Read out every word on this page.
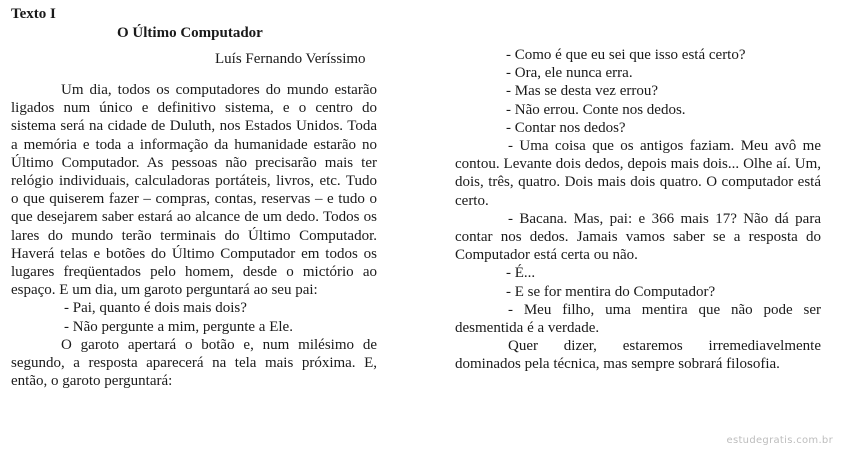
Texto I
O Último Computador
Luís Fernando Veríssimo

Um dia, todos os computadores do mundo estarão ligados num único e definitivo sistema, e o centro do sistema será na cidade de Duluth, nos Estados Unidos. Toda a memória e toda a informação da humanidade estarão no Último Computador. As pessoas não precisarão mais ter relógio individuais, calculadoras portáteis, livros, etc. Tudo o que quiserem fazer – compras, contas, reservas – e tudo o que desejarem saber estará ao alcance de um dedo. Todos os lares do mundo terão terminais do Último Computador. Haverá telas e botões do Último Computador em todos os lugares freqüentados pelo homem, desde o mictório ao espaço. E um dia, um garoto perguntará ao seu pai:

- Pai, quanto é dois mais dois?

- Não pergunte a mim, pergunte a Ele.

O garoto apertará o botão e, num milésimo de segundo, a resposta aparecerá na tela mais próxima. E, então, o garoto perguntará:

- Como é que eu sei que isso está certo?

- Ora, ele nunca erra.

- Mas se desta vez errou?

- Não errou. Conte nos dedos.

- Contar nos dedos?

- Uma coisa que os antigos faziam. Meu avô me contou. Levante dois dedos, depois mais dois... Olhe aí. Um, dois, três, quatro. Dois mais dois quatro. O computador está certo.

- Bacana. Mas, pai: e 366 mais 17? Não dá para contar nos dedos. Jamais vamos saber se a resposta do Computador está certa ou não.

- É...

- E se for mentira do Computador?

- Meu filho, uma mentira que não pode ser desmentida é a verdade.

Quer dizer, estaremos irremediavelmente dominados pela técnica, mas sempre sobrará filosofia.

estudegratis.com.br
